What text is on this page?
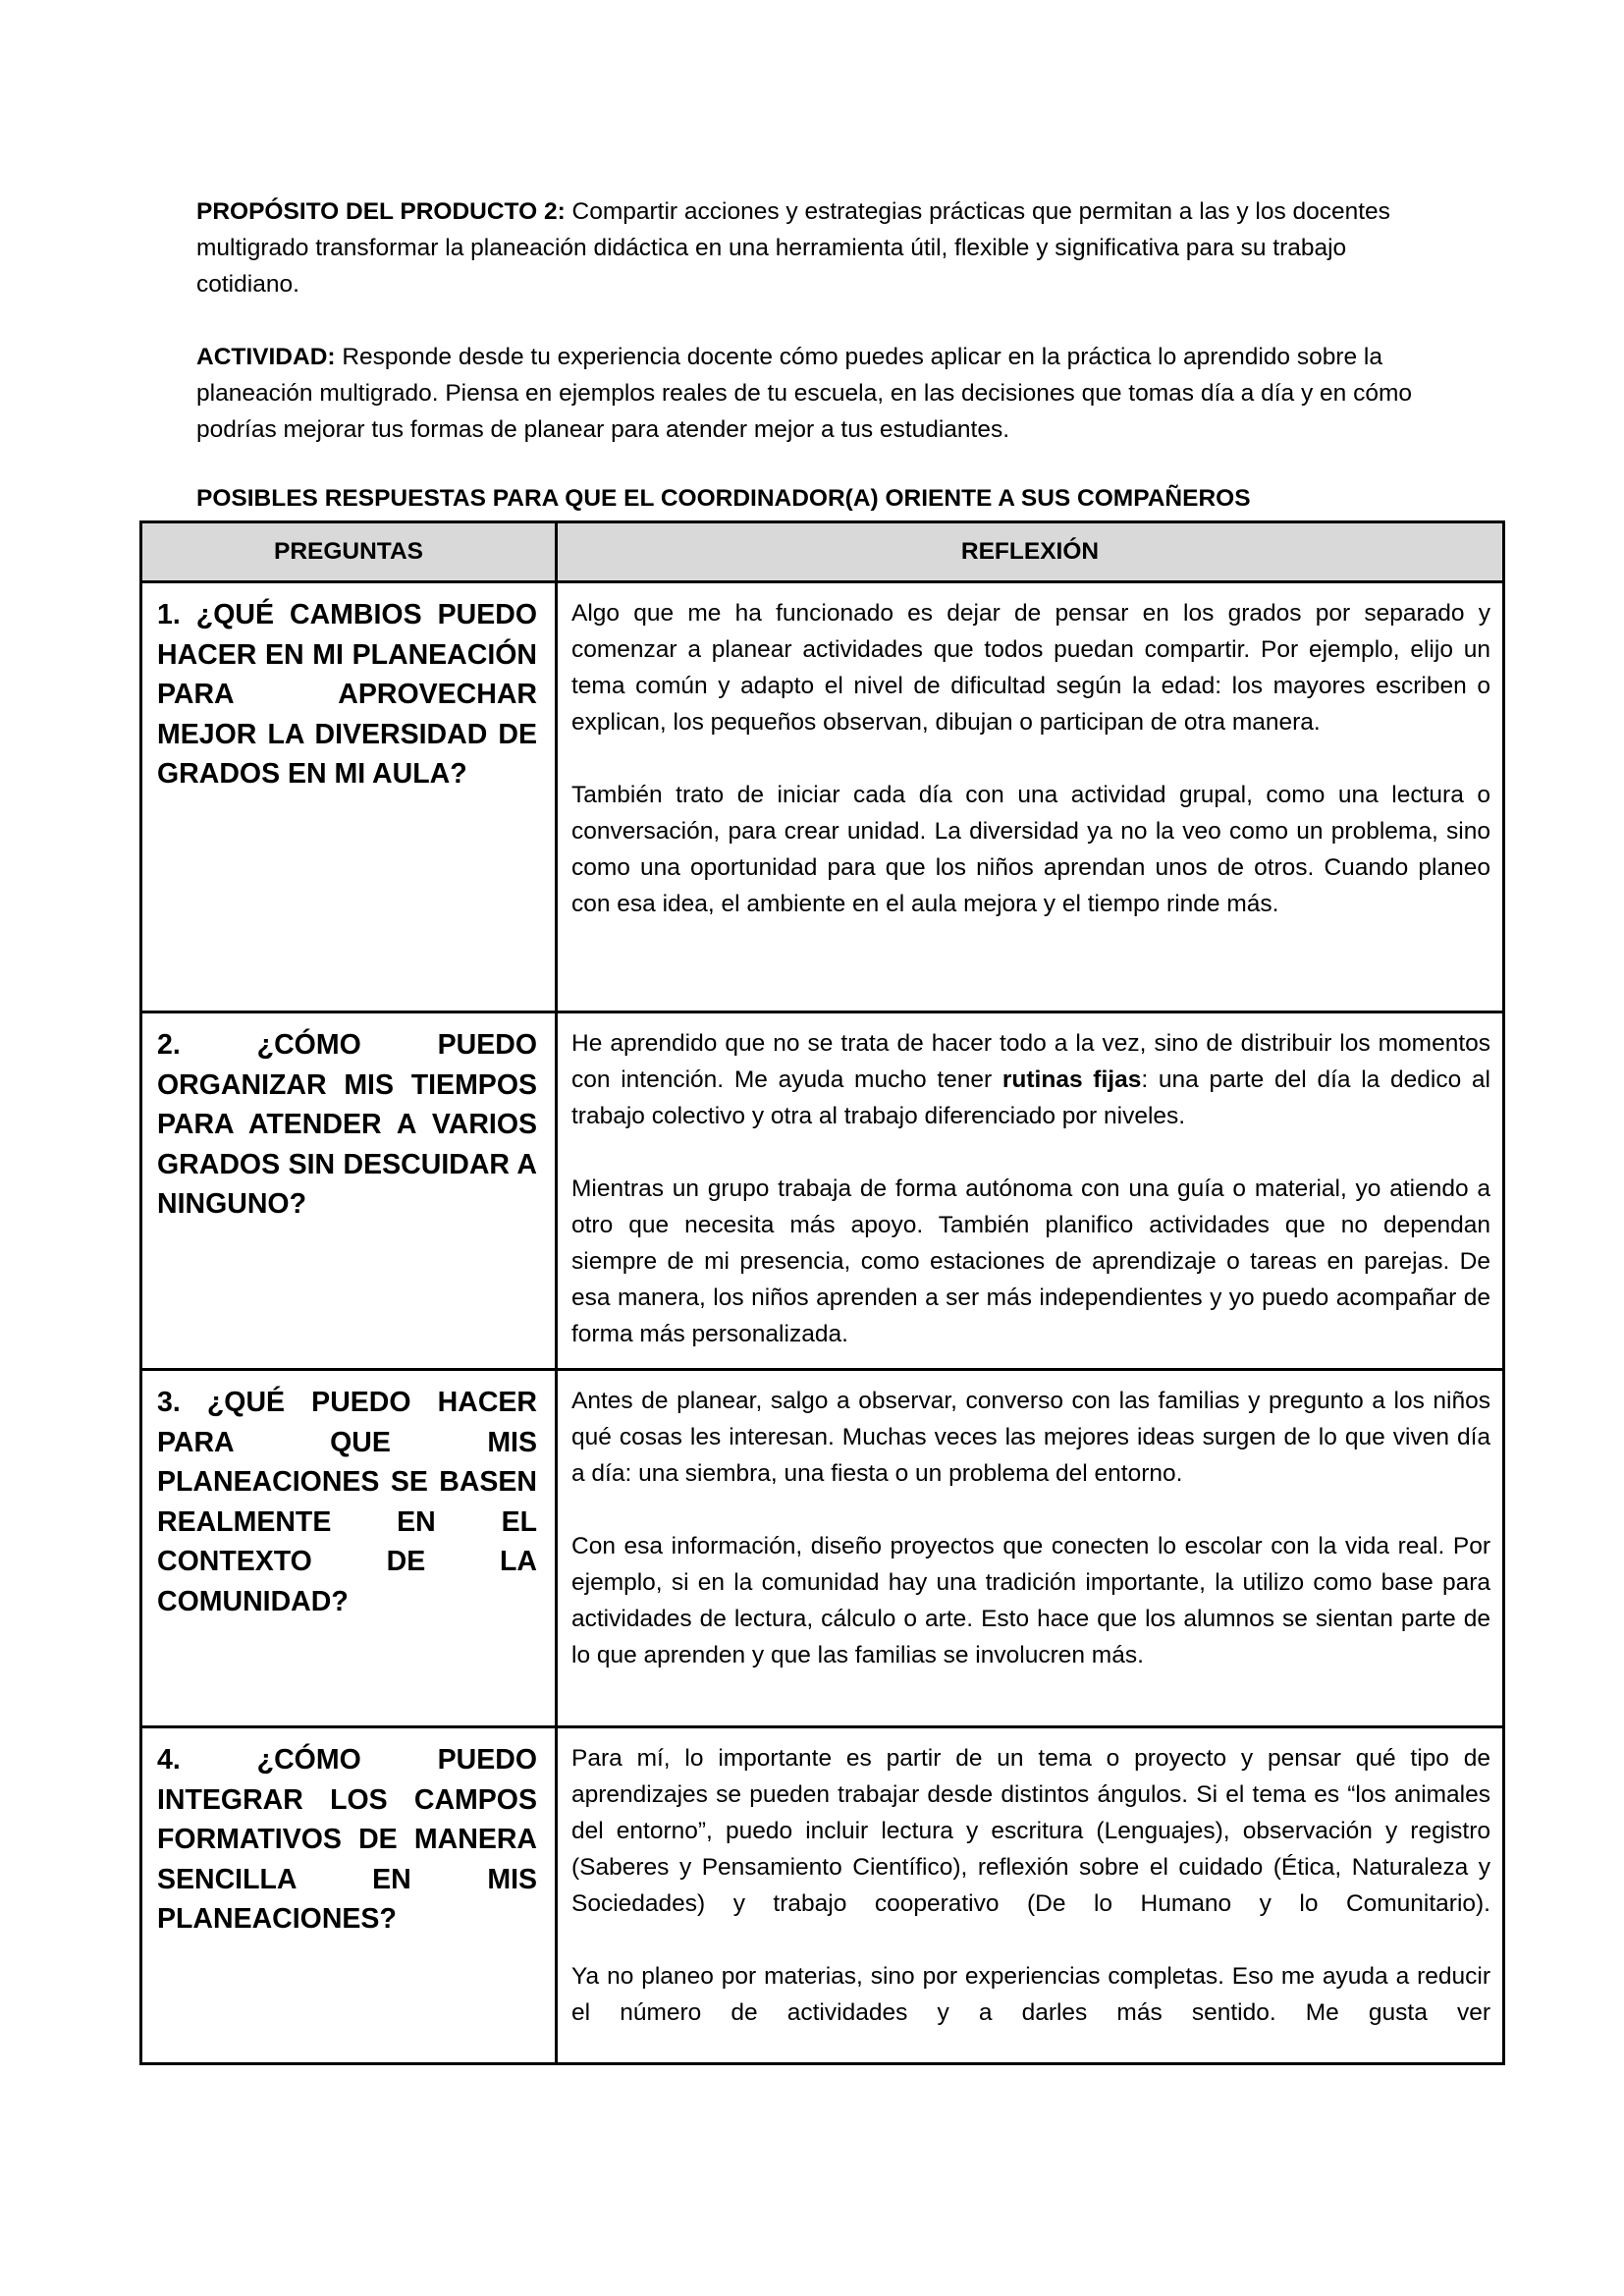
PROPÓSITO DEL PRODUCTO 2: Compartir acciones y estrategias prácticas que permitan a las y los docentes multigrado transformar la planeación didáctica en una herramienta útil, flexible y significativa para su trabajo cotidiano.
ACTIVIDAD: Responde desde tu experiencia docente cómo puedes aplicar en la práctica lo aprendido sobre la planeación multigrado. Piensa en ejemplos reales de tu escuela, en las decisiones que tomas día a día y en cómo podrías mejorar tus formas de planear para atender mejor a tus estudiantes.
POSIBLES RESPUESTAS PARA QUE EL COORDINADOR(A) ORIENTE A SUS COMPAÑEROS
PREGUNTAS	REFLEXIÓN
1. ¿QUÉ CAMBIOS PUEDO HACER EN MI PLANEACIÓN PARA APROVECHAR MEJOR LA DIVERSIDAD DE GRADOS EN MI AULA?	Algo que me ha funcionado es dejar de pensar en los grados por separado y comenzar a planear actividades que todos puedan compartir. Por ejemplo, elijo un tema común y adapto el nivel de dificultad según la edad: los mayores escriben o explican, los pequeños observan, dibujan o participan de otra manera.

También trato de iniciar cada día con una actividad grupal, como una lectura o conversación, para crear unidad. La diversidad ya no la veo como un problema, sino como una oportunidad para que los niños aprendan unos de otros. Cuando planeo con esa idea, el ambiente en el aula mejora y el tiempo rinde más.

2. ¿CÓMO PUEDO ORGANIZAR MIS TIEMPOS PARA ATENDER A VARIOS GRADOS SIN DESCUIDAR A NINGUNO?	He aprendido que no se trata de hacer todo a la vez, sino de distribuir los momentos con intención. Me ayuda mucho tener rutinas fijas: una parte del día la dedico al trabajo colectivo y otra al trabajo diferenciado por niveles.

Mientras un grupo trabaja de forma autónoma con una guía o material, yo atiendo a otro que necesita más apoyo. También planifico actividades que no dependan siempre de mi presencia, como estaciones de aprendizaje o tareas en parejas. De esa manera, los niños aprenden a ser más independientes y yo puedo acompañar de forma más personalizada.

3. ¿QUÉ PUEDO HACER PARA QUE MIS PLANEACIONES SE BASEN REALMENTE EN EL CONTEXTO DE LA COMUNIDAD?	Antes de planear, salgo a observar, converso con las familias y pregunto a los niños qué cosas les interesan. Muchas veces las mejores ideas surgen de lo que viven día a día: una siembra, una fiesta o un problema del entorno.

Con esa información, diseño proyectos que conecten lo escolar con la vida real. Por ejemplo, si en la comunidad hay una tradición importante, la utilizo como base para actividades de lectura, cálculo o arte. Esto hace que los alumnos se sientan parte de lo que aprenden y que las familias se involucren más.

4. ¿CÓMO PUEDO INTEGRAR LOS CAMPOS FORMATIVOS DE MANERA SENCILLA EN MIS PLANEACIONES?	Para mí, lo importante es partir de un tema o proyecto y pensar qué tipo de aprendizajes se pueden trabajar desde distintos ángulos. Si el tema es “los animales del entorno”, puedo incluir lectura y escritura (Lenguajes), observación y registro (Saberes y Pensamiento Científico), reflexión sobre el cuidado (Ética, Naturaleza y Sociedades) y trabajo cooperativo (De lo Humano y lo Comunitario).

Ya no planeo por materias, sino por experiencias completas. Eso me ayuda a reducir el número de actividades y a darles más sentido. Me gusta ver
